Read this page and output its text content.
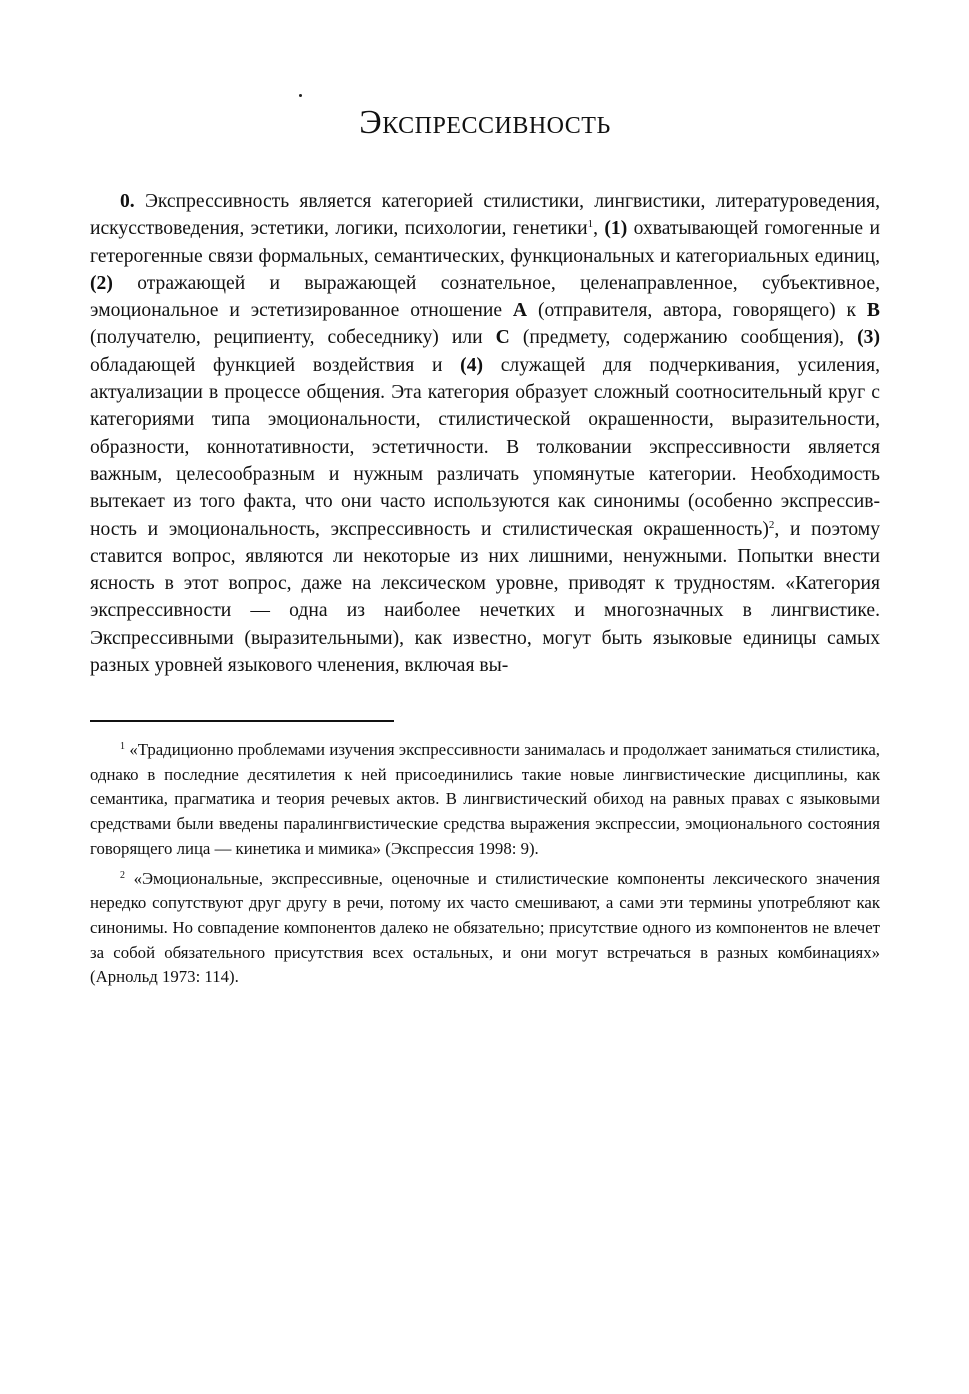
Экспрессивность

0. Экспрессивность является категорией стилистики, лингвистики, литературоведения, искусствоведения, эстетики, логики, психологии, генетики$^1$, (1) охватывающей гомогенные и гетерогенные связи формальных, семантических, функциональных и категориальных единиц, (2) отражающей и выражающей сознательное, целенаправленное, субъективное, эмоциональное и эстетизированное отношение А (отправителя, автора, говорящего) к В (получателю, реципиенту, собеседнику) или С (предмету, содержанию сообщения), (3) обладающей функцией воздействия и (4) служащей для подчеркивания, усиления, актуализации в процессе общения. Эта категория образует сложный соотносительный круг с категориями типа эмоциональности, стилистической окрашенности, выразительности, образности, коннотативности, эстетичности. В толковании экспрессивности является важным, целесообразным и нужным различать упомянутые категории. Необходимость вытекает из того факта, что они часто используются как синонимы (особенно экспрессивность и эмоциональность, экспрессивность и стилистическая окрашенность)$^2$, и поэтому ставится вопрос, являются ли некоторые из них лишними, ненужными. Попытки внести ясность в этот вопрос, даже на лексическом уровне, приводят к трудностям. «Категория экспрессивности — одна из наиболее нечетких и многозначных в лингвистике. Экспрессивными (выразительными), как известно, могут быть языковые единицы самых разных уровней языкового членения, включая вы-

$^1$ «Традиционно проблемами изучения экспрессивности занималась и продолжает заниматься стилистика, однако в последние десятилетия к ней присоединились такие новые лингвистические дисциплины, как семантика, прагматика и теория речевых актов. В лингвистический обиход на равных правах с языковыми средствами были введены паралингвистические средства выражения экспрессии, эмоционального состояния говорящего лица — кинетика и мимика» (Экспрессия 1998: 9).

$^2$ «Эмоциональные, экспрессивные, оценочные и стилистические компоненты лексического значения нередко сопутствуют друг другу в речи, потому их часто смешивают, а сами эти термины употребляют как синонимы. Но совпадение компонентов далеко не обязательно; присутствие одного из компонентов не влечет за собой обязательного присутствия всех остальных, и они могут встречаться в разных комбинациях» (Арнольд 1973: 114).
